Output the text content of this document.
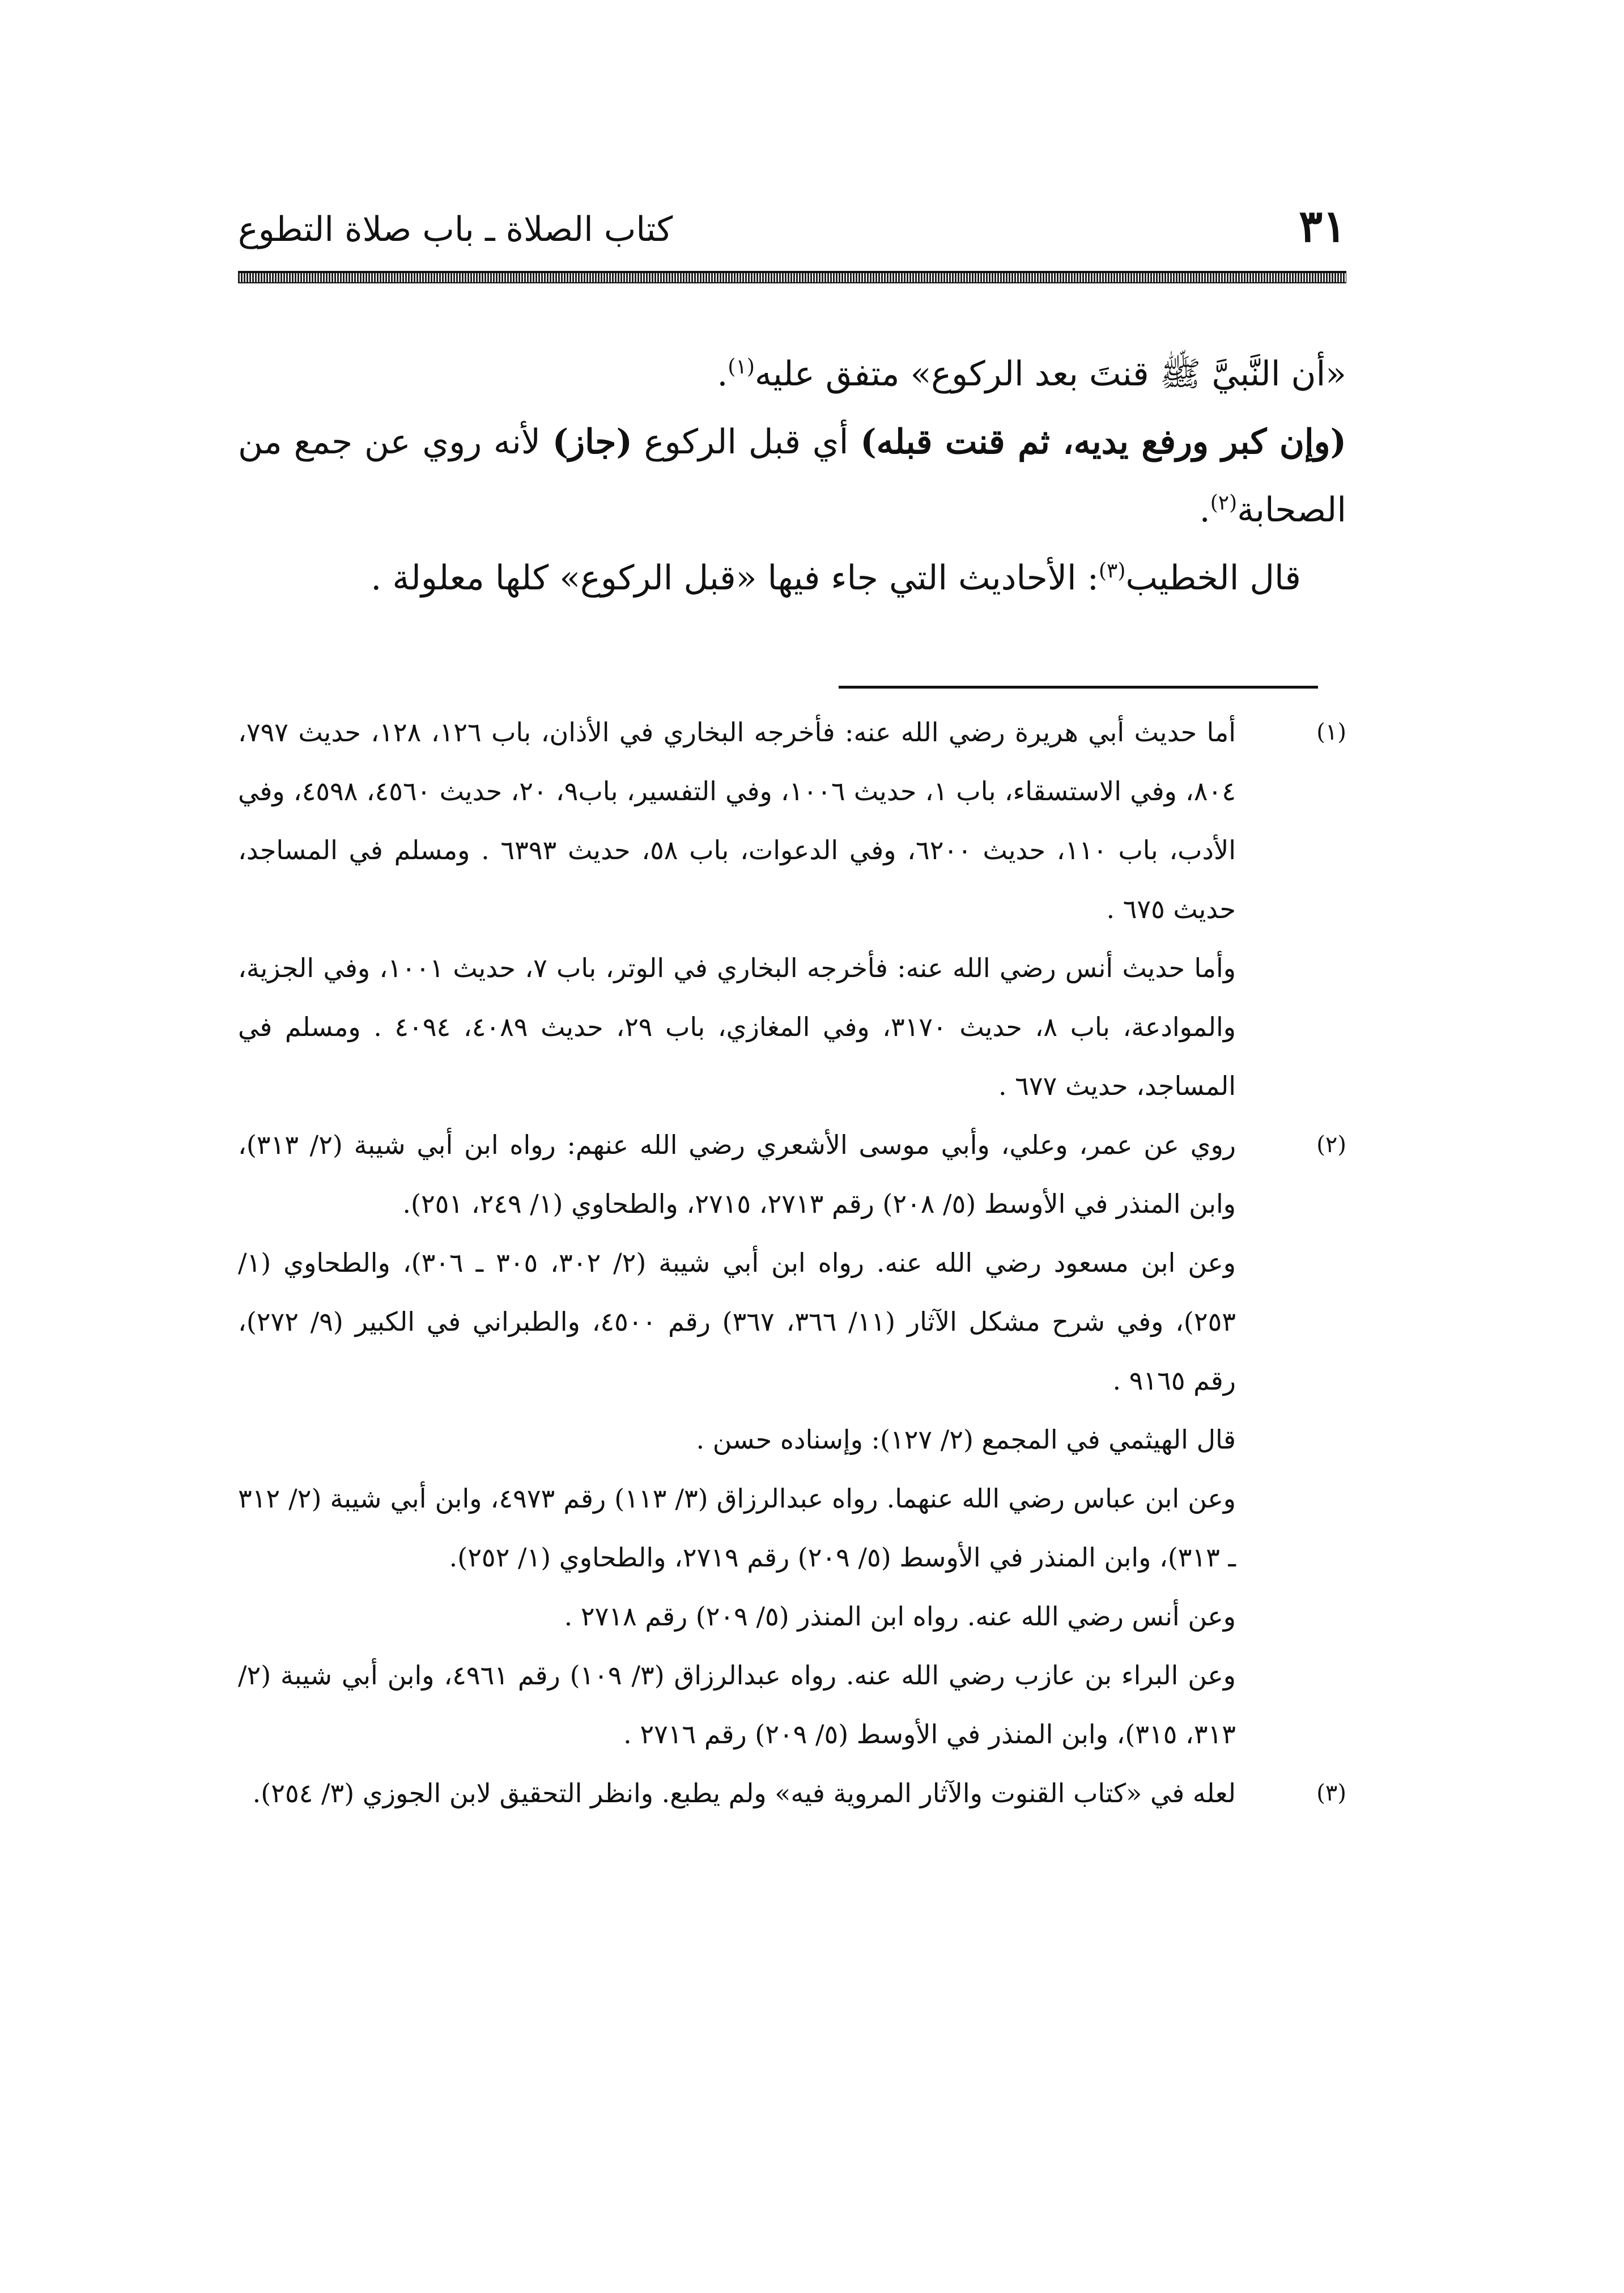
٣١
كتاب الصلاة ـ باب صلاة التطوع

«أن النَّبيَّ ﷺ قنتَ بعد الركوع» متفق عليه$^{(١)}$.

(وإن كبر ورفع يديه، ثم قنت قبله) أي قبل الركوع (جاز) لأنه روي عن جمع من الصحابة$^{(٢)}$.

قال الخطيب$^{(٣)}$: الأحاديث التي جاء فيها «قبل الركوع» كلها معلولة .

(١)

أما حديث أبي هريرة رضي الله عنه: فأخرجه البخاري في الأذان، باب ١٢٦، ١٢٨، حديث ٧٩٧، ٨٠٤، وفي الاستسقاء، باب ١، حديث ١٠٠٦، وفي التفسير، باب٩، ٢٠، حديث ٤٥٦٠، ٤٥٩٨، وفي الأدب، باب ١١٠، حديث ٦٢٠٠، وفي الدعوات، باب ٥٨، حديث ٦٣٩٣ . ومسلم في المساجد، حديث ٦٧٥ .

وأما حديث أنس رضي الله عنه: فأخرجه البخاري في الوتر، باب ٧، حديث ١٠٠١، وفي الجزية، والموادعة، باب ٨، حديث ٣١٧٠، وفي المغازي، باب ٢٩، حديث ٤٠٨٩، ٤٠٩٤ . ومسلم في المساجد، حديث ٦٧٧ .

(٢)

روي عن عمر، وعلي، وأبي موسى الأشعري رضي الله عنهم: رواه ابن أبي شيبة (٢/ ٣١٣)، وابن المنذر في الأوسط (٥/ ٢٠٨) رقم ٢٧١٣، ٢٧١٥، والطحاوي (١/ ٢٤٩، ٢٥١).

وعن ابن مسعود رضي الله عنه. رواه ابن أبي شيبة (٢/ ٣٠٢، ٣٠٥ ـ ٣٠٦)، والطحاوي (١/ ٢٥٣)، وفي شرح مشكل الآثار (١١/ ٣٦٦، ٣٦٧) رقم ٤٥٠٠، والطبراني في الكبير (٩/ ٢٧٢)، رقم ٩١٦٥ .

قال الهيثمي في المجمع (٢/ ١٢٧): وإسناده حسن .

وعن ابن عباس رضي الله عنهما. رواه عبدالرزاق (٣/ ١١٣) رقم ٤٩٧٣، وابن أبي شيبة (٢/ ٣١٢ ـ ٣١٣)، وابن المنذر في الأوسط (٥/ ٢٠٩) رقم ٢٧١٩، والطحاوي (١/ ٢٥٢).

وعن أنس رضي الله عنه. رواه ابن المنذر (٥/ ٢٠٩) رقم ٢٧١٨ .

وعن البراء بن عازب رضي الله عنه. رواه عبدالرزاق (٣/ ١٠٩) رقم ٤٩٦١، وابن أبي شيبة (٢/ ٣١٣، ٣١٥)، وابن المنذر في الأوسط (٥/ ٢٠٩) رقم ٢٧١٦ .

(٣)

لعله في «كتاب القنوت والآثار المروية فيه» ولم يطبع. وانظر التحقيق لابن الجوزي (٣/ ٢٥٤).
